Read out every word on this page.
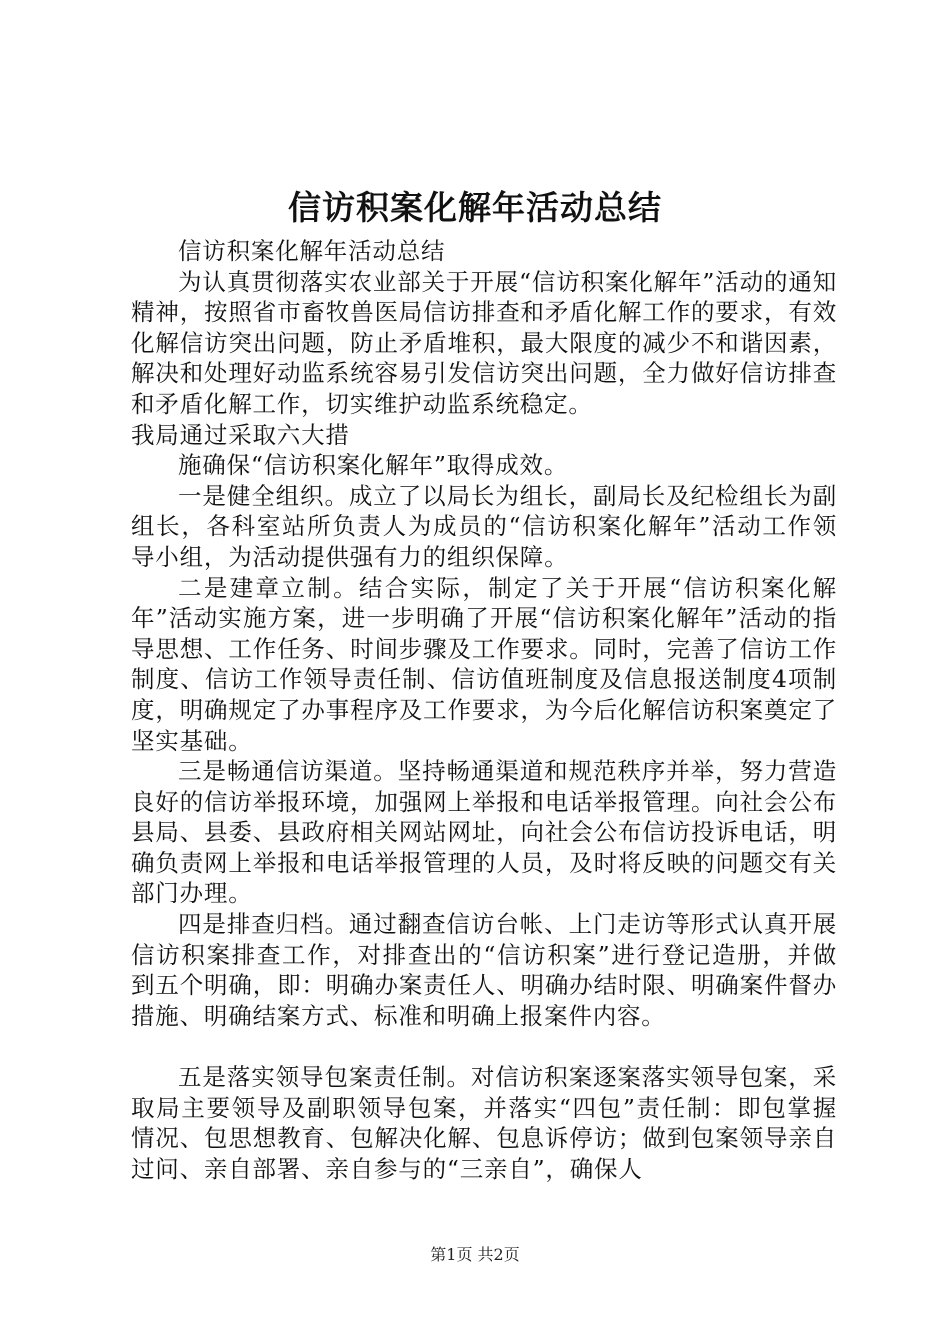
信访积案化解年活动总结

信访积案化解年活动总结

为认真贯彻落实农业部关于开展“信访积案化解年”活动的通知精神，按照省市畜牧兽医局信访排查和矛盾化解工作的要求，有效化解信访突出问题，防止矛盾堆积，最大限度的减少不和谐因素，解决和处理好动监系统容易引发信访突出问题，全力做好信访排查和矛盾化解工作，切实维护动监系统稳定。

我局通过采取六大措

施确保“信访积案化解年”取得成效。

一是健全组织。成立了以局长为组长，副局长及纪检组长为副组长，各科室站所负责人为成员的“信访积案化解年”活动工作领导小组，为活动提供强有力的组织保障。

二是建章立制。结合实际，制定了关于开展“信访积案化解年”活动实施方案，进一步明确了开展“信访积案化解年”活动的指导思想、工作任务、时间步骤及工作要求。同时，完善了信访工作制度、信访工作领导责任制、信访值班制度及信息报送制度4项制度，明确规定了办事程序及工作要求，为今后化解信访积案奠定了坚实基础。

三是畅通信访渠道。坚持畅通渠道和规范秩序并举，努力营造良好的信访举报环境，加强网上举报和电话举报管理。向社会公布县局、县委、县政府相关网站网址，向社会公布信访投诉电话，明确负责网上举报和电话举报管理的人员，及时将反映的问题交有关部门办理。

四是排查归档。通过翻查信访台帐、上门走访等形式认真开展信访积案排查工作，对排查出的“信访积案”进行登记造册，并做到五个明确，即：明确办案责任人、明确办结时限、明确案件督办措施、明确结案方式、标准和明确上报案件内容。

五是落实领导包案责任制。对信访积案逐案落实领导包案，采取局主要领导及副职领导包案，并落实“四包”责任制：即包掌握情况、包思想教育、包解决化解、包息诉停访；做到包案领导亲自过问、亲自部署、亲自参与的“三亲自”，确保人

第1页 共2页
